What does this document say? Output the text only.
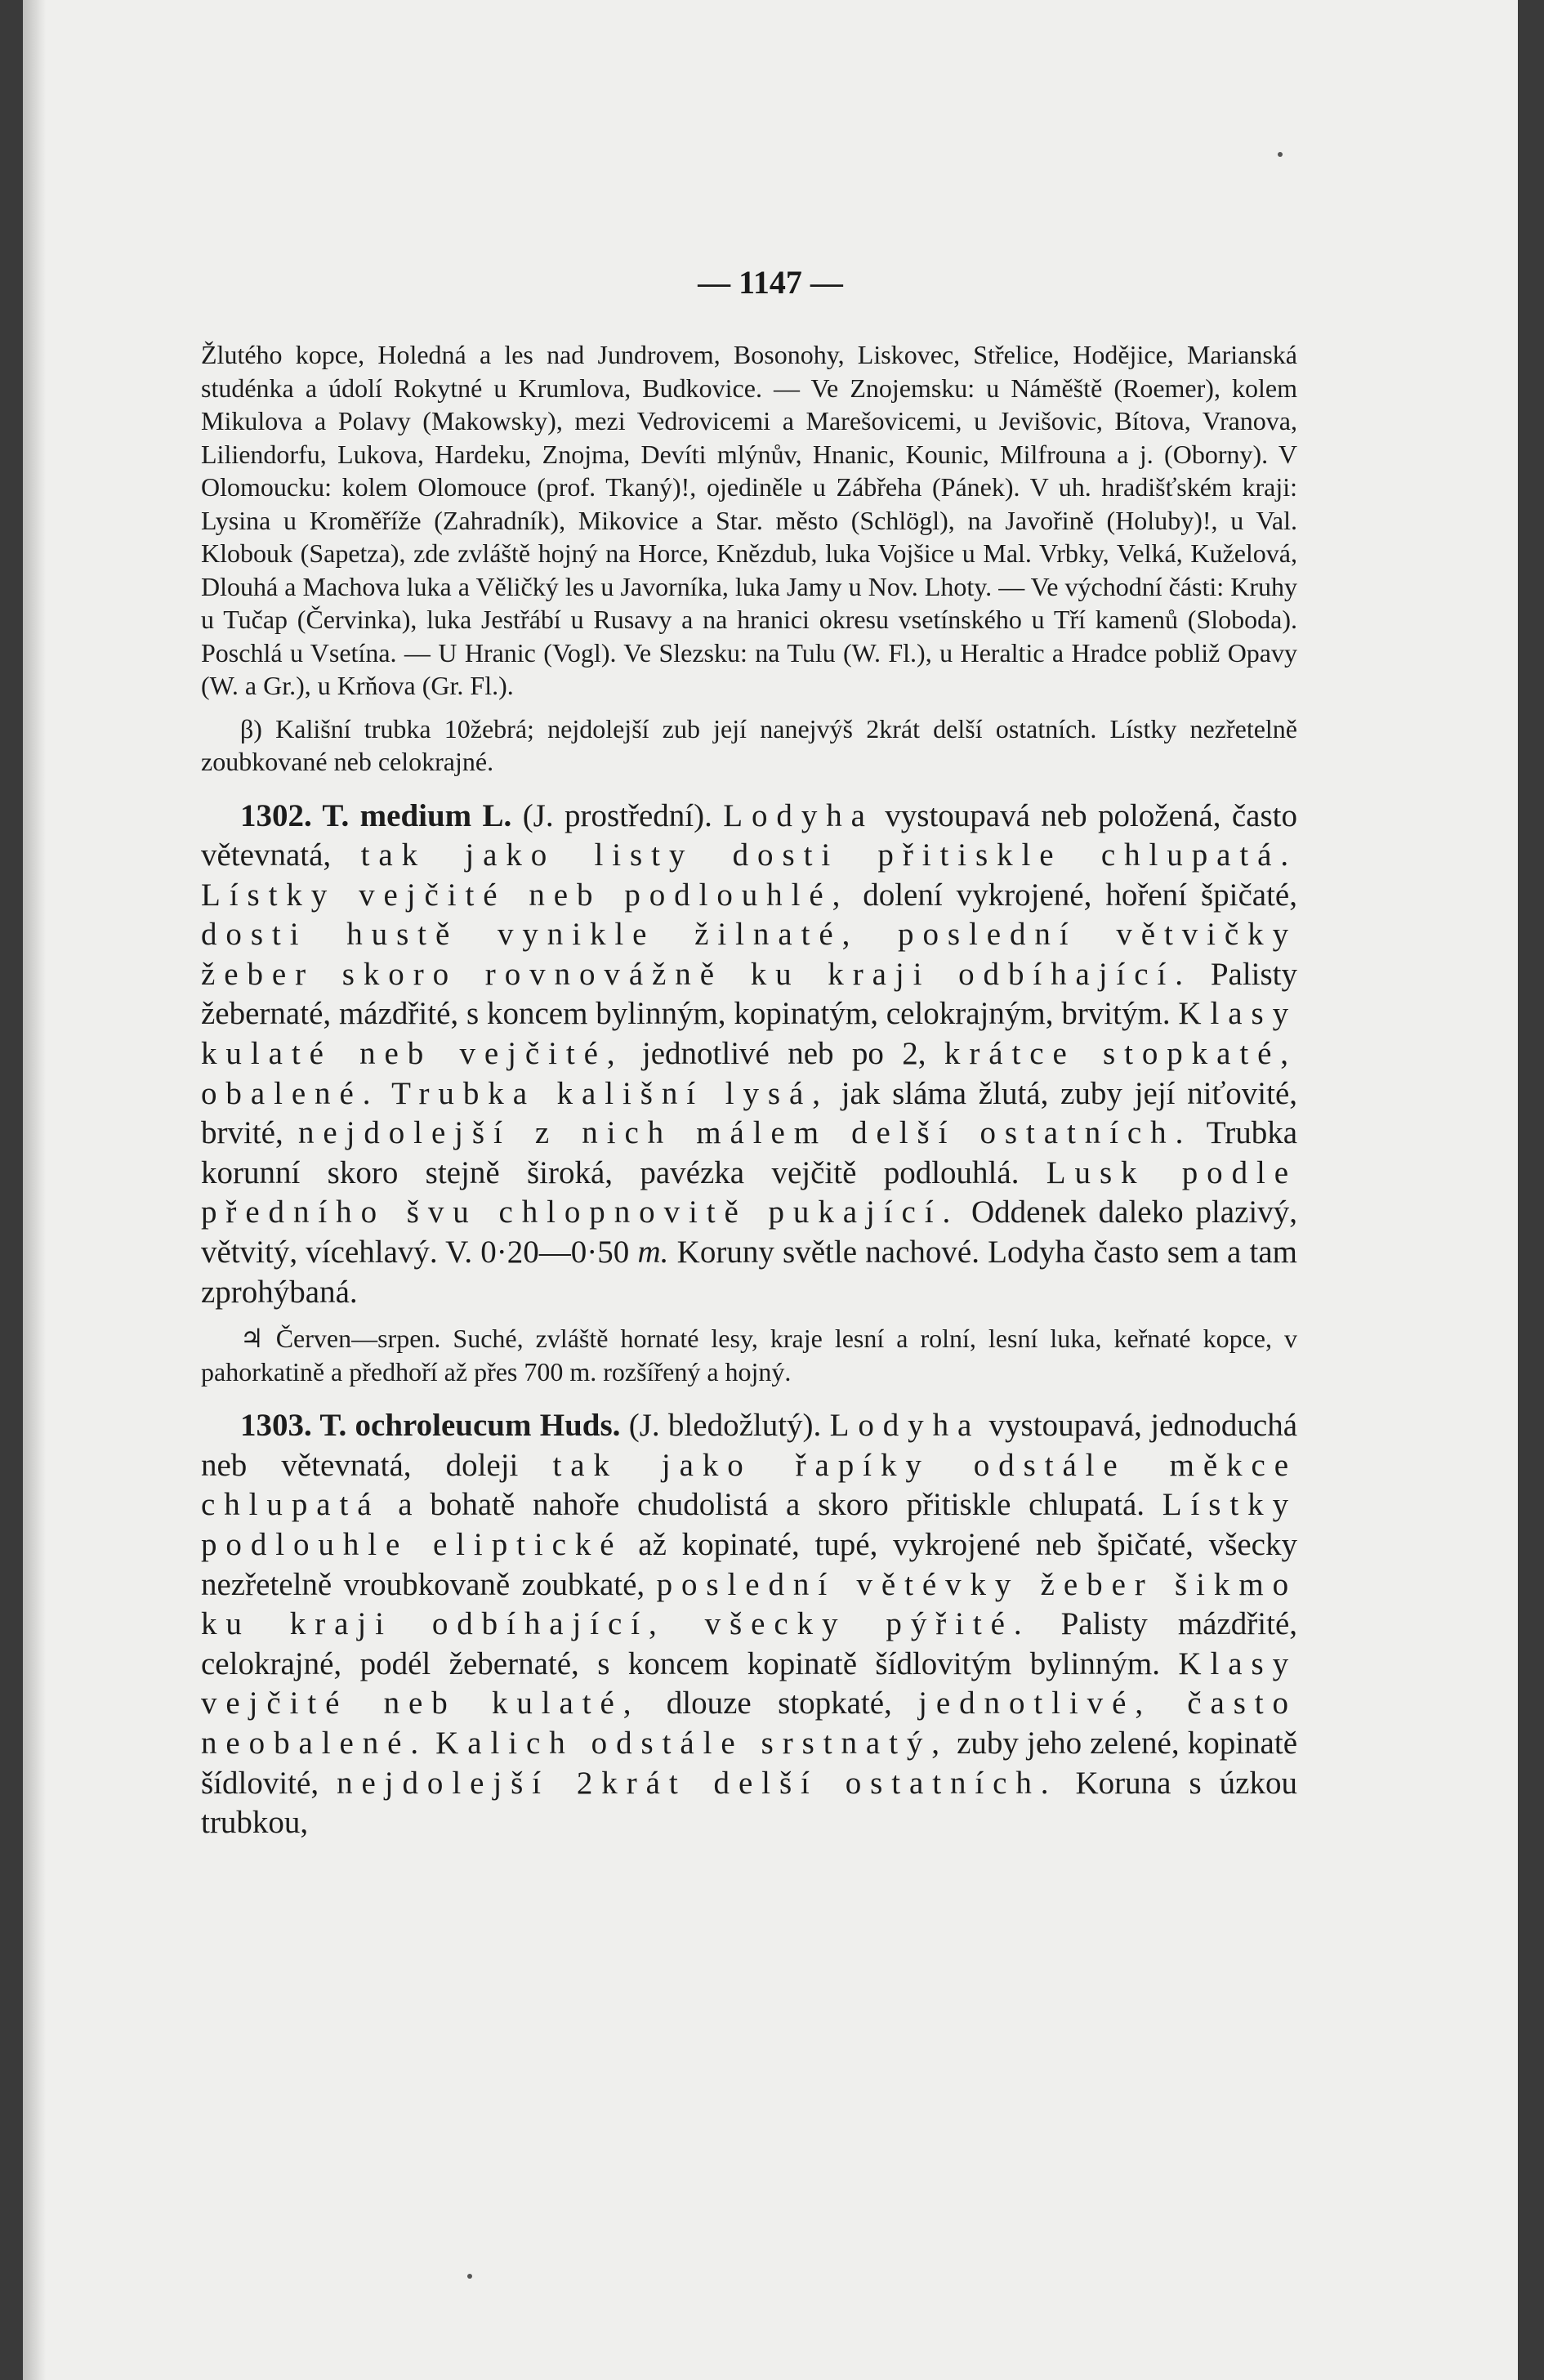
— 1147 —

Žlutého kopce, Holedná a les nad Jundrovem, Bosonohy, Liskovec, Střelice, Hodějice, Marianská studénka a údolí Rokytné u Krumlova, Budkovice. — Ve Znojemsku: u Náměště (Roemer), kolem Mikulova a Polavy (Makowsky), mezi Vedrovicemi a Marešovicemi, u Jevišovic, Bítova, Vranova, Liliendorfu, Lukova, Hardeku, Znojma, Devíti mlýnův, Hnanic, Kounic, Milfrouna a j. (Oborny). V Olomoucku: kolem Olomouce (prof. Tkaný)!, ojediněle u Zábřeha (Pánek). V uh. hradišťském kraji: Lysina u Kroměříže (Zahradník), Mikovice a Star. město (Schlögl), na Javořině (Holuby)!, u Val. Klobouk (Sapetza), zde zvláště hojný na Horce, Knězdub, luka Vojšice u Mal. Vrbky, Velká, Kuželová, Dlouhá a Machova luka a Věličký les u Javorníka, luka Jamy u Nov. Lhoty. — Ve východní části: Kruhy u Tučap (Červinka), luka Jestřábí u Rusavy a na hranici okresu vsetínského u Tří kamenů (Sloboda). Poschlá u Vsetína. — U Hranic (Vogl). Ve Slezsku: na Tulu (W. Fl.), u Heraltic a Hradce pobliž Opavy (W. a Gr.), u Krňova (Gr. Fl.).

β) Kališní trubka 10žebrá; nejdolejší zub její nanejvýš 2krát delší ostatních. Lístky nezřetelně zoubkované neb celokrajné.

1302. T. medium L. (J. prostřední). Lodyha vystoupavá neb položená, často větevnatá, tak jako listy dosti přitiskle chlupatá. Lístky vejčité neb podlouhlé, dolení vykrojené, hoření špičaté, dosti hustě vynikle žilnaté, poslední větvičky žeber skoro rovnovážně ku kraji odbíhající. Palisty žebernaté, mázdřité, s koncem bylinným, kopinatým, celokrajným, brvitým. Klasy kulaté neb vejčité, jednotlivé neb po 2, krátce stopkaté, obalené. Trubka kališní lysá, jak sláma žlutá, zuby její niťovité, brvité, nejdolejší z nich málem delší ostatních. Trubka korunní skoro stejně široká, pavézka vejčitě podlouhlá. Lusk podle předního švu chlopnovitě pukající. Oddenek daleko plazivý, větvitý, vícehlavý. V. 0·20—0·50 m. Koruny světle nachové. Lodyha často sem a tam zprohýbaná.

♃ Červen—srpen. Suché, zvláště hornaté lesy, kraje lesní a rolní, lesní luka, keřnaté kopce, v pahorkatině a předhoří až přes 700 m. rozšířený a hojný.

1303. T. ochroleucum Huds. (J. bledožlutý). Lodyha vystoupavá, jednoduchá neb větevnatá, doleji tak jako řapíky odstále měkce chlupatá a bohatě nahoře chudolistá a skoro přitiskle chlupatá. Lístky podlouhle eliptické až kopinaté, tupé, vykrojené neb špičaté, všecky nezřetelně vroubkovaně zoubkaté, poslední větévky žeber šikmo ku kraji odbíhající, všecky pýřité. Palisty mázdřité, celokrajné, podél žebernaté, s koncem kopinatě šídlovitým bylinným. Klasy vejčité neb kulaté, dlouze stopkaté, jednotlivé, často neobalené. Kalich odstále srstnatý, zuby jeho zelené, kopinatě šídlovité, nejdolejší 2krát delší ostatních. Koruna s úzkou trubkou,
